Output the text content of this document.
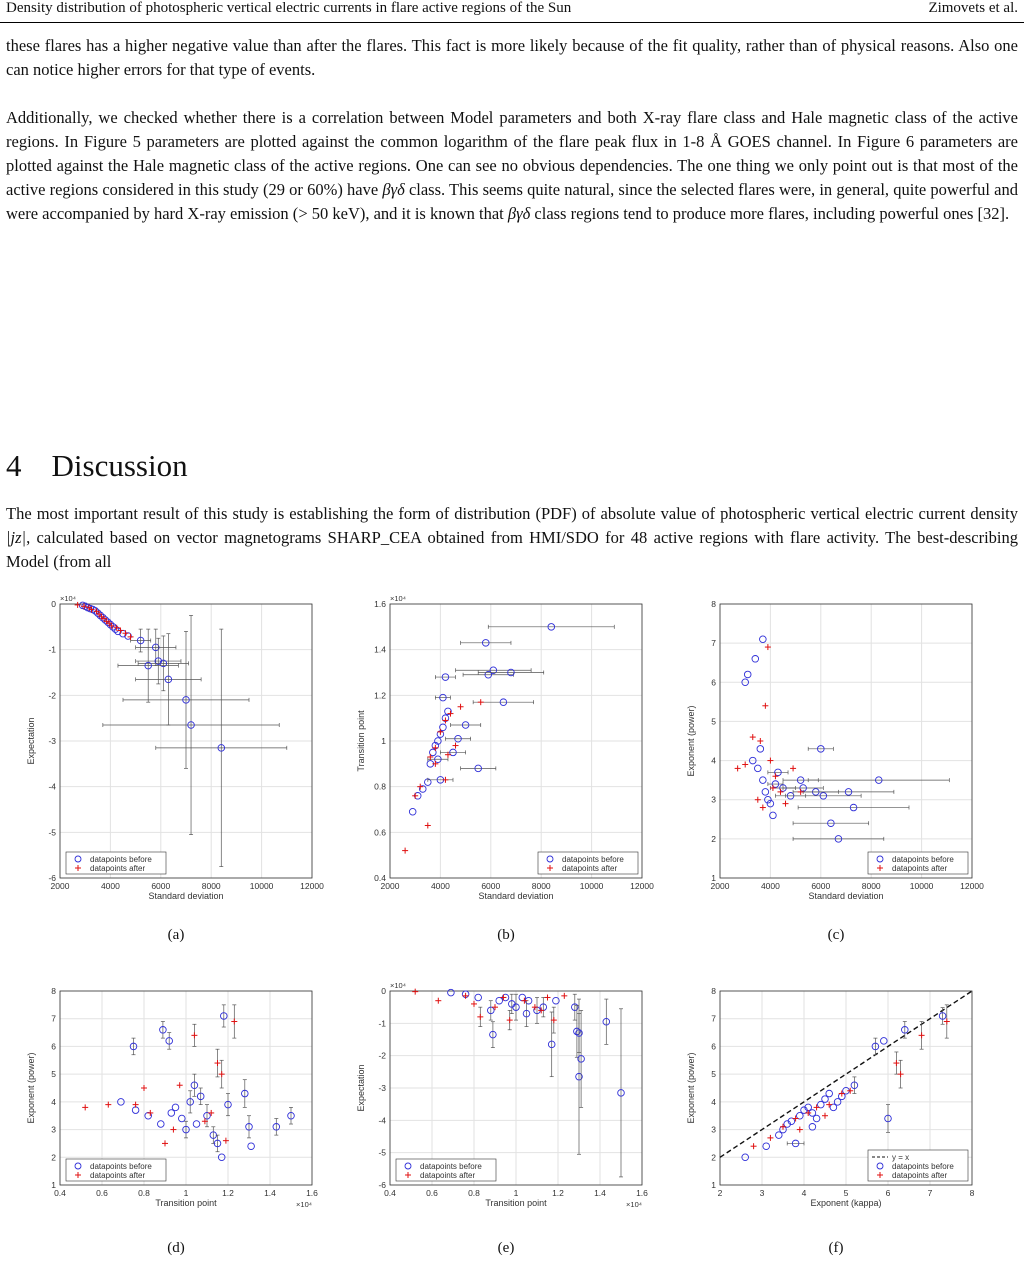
Density distribution of photospheric vertical electric currents in flare active regions of the Sun	Zimovets et al.

these flares has a higher negative value than after the flares. This fact is more likely because of the fit quality, rather than of physical reasons. Also one can notice higher errors for that type of events.

Additionally, we checked whether there is a correlation between Model parameters and both X-ray flare class and Hale magnetic class of the active regions. In Figure 5 parameters are plotted against the common logarithm of the flare peak flux in 1-8 Å GOES channel. In Figure 6 parameters are plotted against the Hale magnetic class of the active regions. One can see no obvious dependencies. The one thing we only point out is that most of the active regions considered in this study (29 or 60%) have βγδ class. This seems quite natural, since the selected flares were, in general, quite powerful and were accompanied by hard X-ray emission (> 50 keV), and it is known that βγδ class regions tend to produce more flares, including powerful ones [32].

4 Discussion

The most important result of this study is establishing the form of distribution (PDF) of absolute value of photospheric vertical electric current density |jz|, calculated based on vector magnetograms SHARP_CEA obtained from HMI/SDO for 48 active regions with flare activity. The best-describing Model (from all

2000	4000	6000	8000	10000	12000
-6
-5
-4
-3
-2
-1
0
×10⁴
Standard deviation
Expectation
datapoints before
datapoints after
2000	4000	6000	8000	10000	12000
0.4
0.6
0.8
1
1.2
1.4
1.6
×10⁴
Standard deviation
Transition point
datapoints before
datapoints after
2000	4000	6000	8000	10000	12000
1
2
3
4
5
6
7
8
Standard deviation
Exponent (power)
datapoints before
datapoints after
0.4	0.6	0.8	1	1.2	1.4	1.6
1
2
3
4
5
6
7
8
×10⁴
Transition point
Exponent (power)
datapoints before
datapoints after
0.4	0.6	0.8	1	1.2	1.4	1.6
-6
-5
-4
-3
-2
-1
0
×10⁴
×10⁴
Transition point
Expectation
datapoints before
datapoints after
2	3	4	5	6	7	8
1
2
3
4
5
6
7
8
Exponent (kappa)
Exponent (power)
y = x
datapoints before
datapoints after
(a)	(b)	(c)
(d)	(e)	(f)
